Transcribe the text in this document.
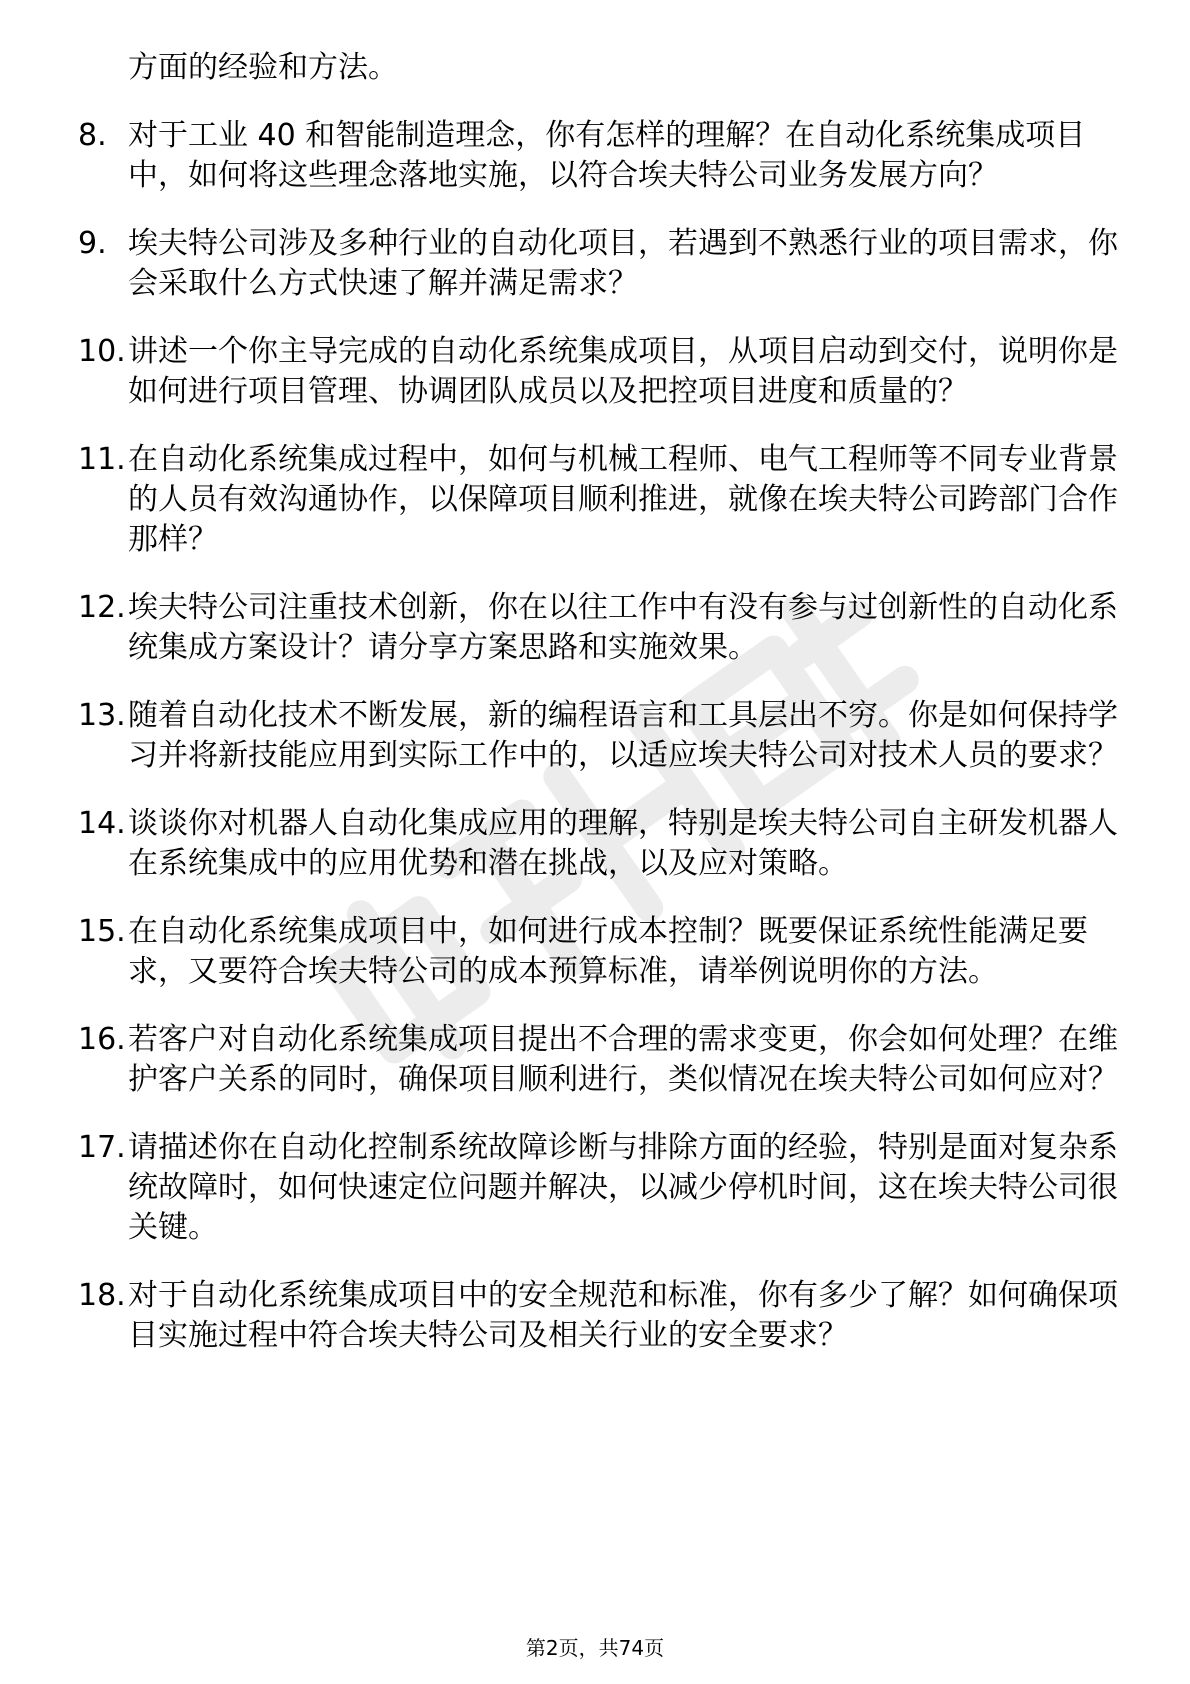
方面的经验和方法。

8. 对于工业 40 和智能制造理念，你有怎样的理解？在自动化系统集成项目中，如何将这些理念落地实施，以符合埃夫特公司业务发展方向？
9. 埃夫特公司涉及多种行业的自动化项目，若遇到不熟悉行业的项目需求，你会采取什么方式快速了解并满足需求？
10. 讲述一个你主导完成的自动化系统集成项目，从项目启动到交付，说明你是如何进行项目管理、协调团队成员以及把控项目进度和质量的？
11. 在自动化系统集成过程中，如何与机械工程师、电气工程师等不同专业背景的人员有效沟通协作，以保障项目顺利推进，就像在埃夫特公司跨部门合作那样？
12. 埃夫特公司注重技术创新，你在以往工作中有没有参与过创新性的自动化系统集成方案设计？请分享方案思路和实施效果。
13. 随着自动化技术不断发展，新的编程语言和工具层出不穷。你是如何保持学习并将新技能应用到实际工作中的，以适应埃夫特公司对技术人员的要求？
14. 谈谈你对机器人自动化集成应用的理解，特别是埃夫特公司自主研发机器人在系统集成中的应用优势和潜在挑战，以及应对策略。
15. 在自动化系统集成项目中，如何进行成本控制？既要保证系统性能满足要求，又要符合埃夫特公司的成本预算标准，请举例说明你的方法。
16. 若客户对自动化系统集成项目提出不合理的需求变更，你会如何处理？在维护客户关系的同时，确保项目顺利进行，类似情况在埃夫特公司如何应对？
17. 请描述你在自动化控制系统故障诊断与排除方面的经验，特别是面对复杂系统故障时，如何快速定位问题并解决，以减少停机时间，这在埃夫特公司很关键。
18. 对于自动化系统集成项目中的安全规范和标准，你有多少了解？如何确保项目实施过程中符合埃夫特公司及相关行业的安全要求？
第2页，共74页
